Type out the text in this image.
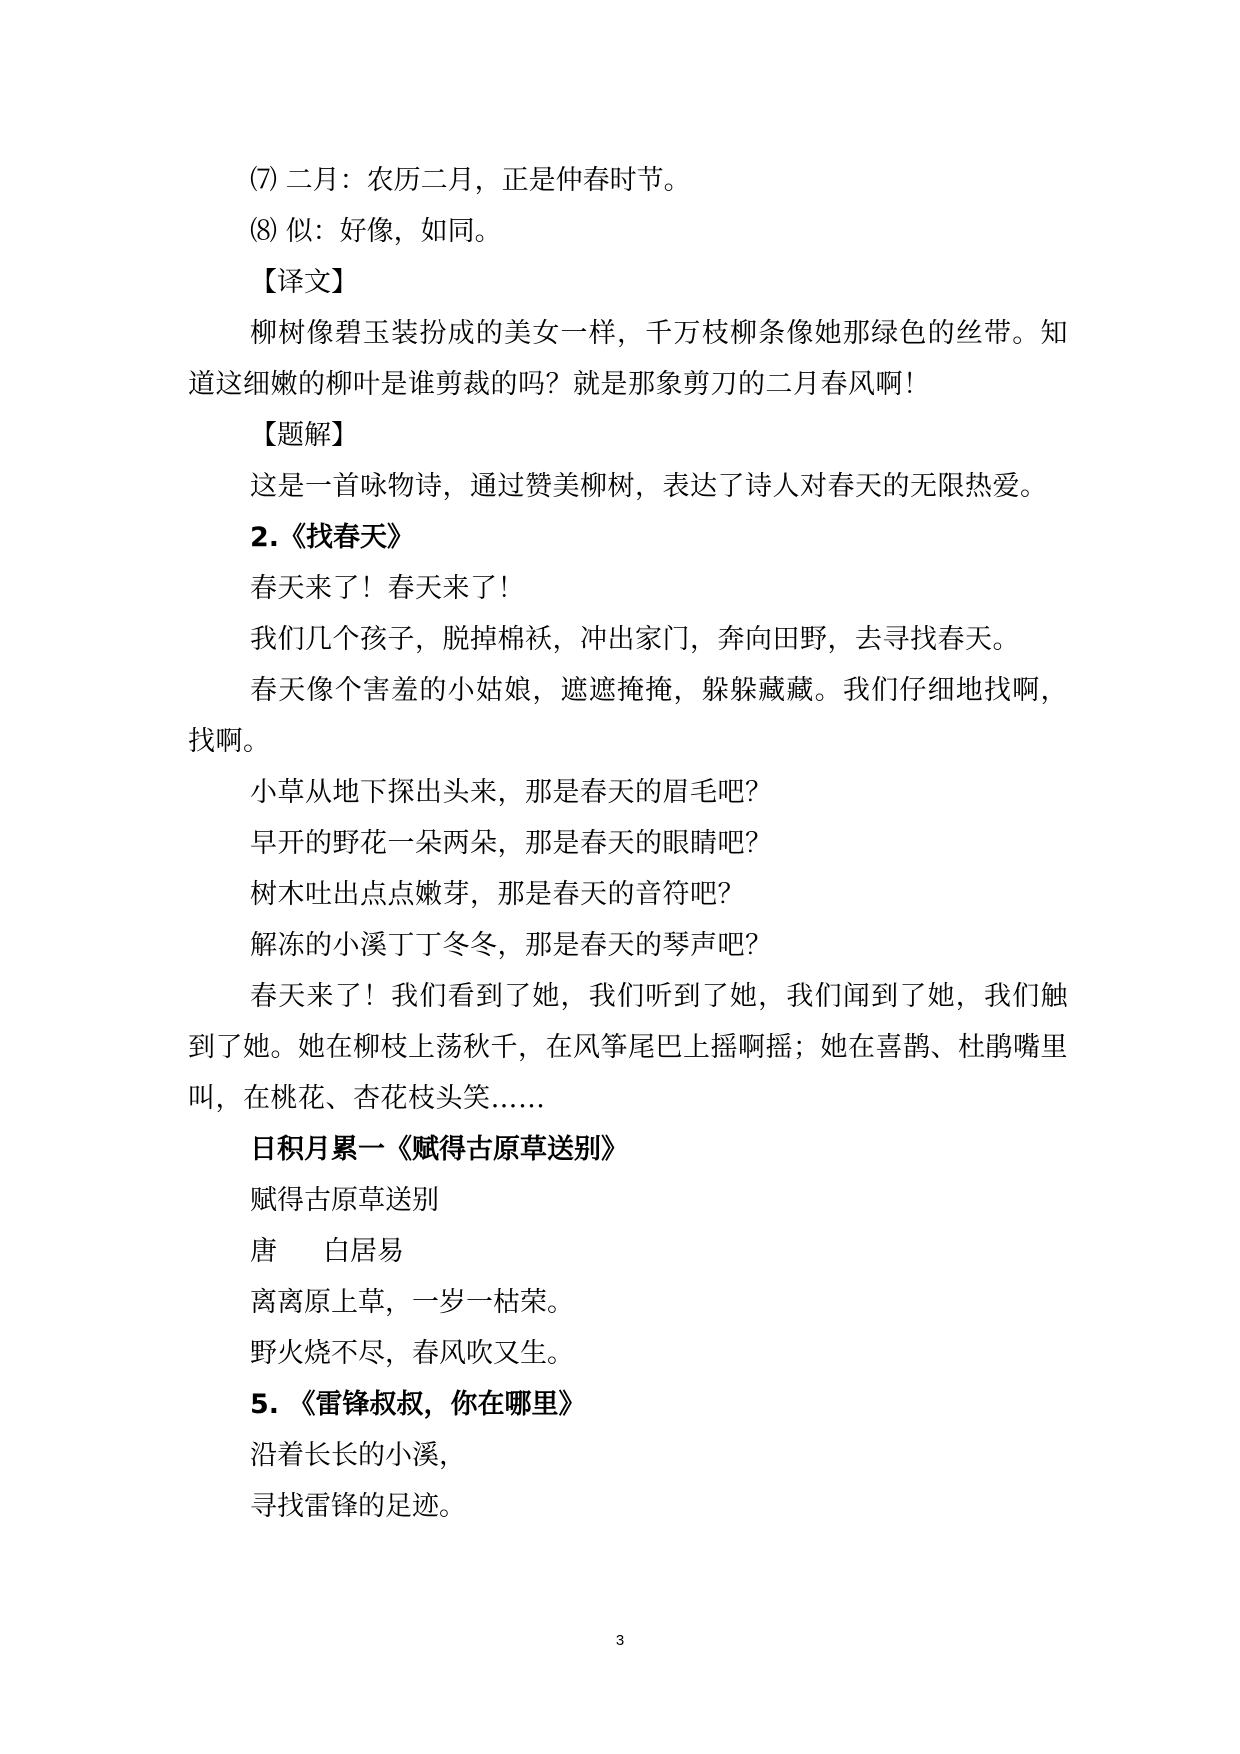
⑺ 二月：农历二月，正是仲春时节。
⑻ 似：好像，如同。
【译文】
柳树像碧玉装扮成的美女一样，千万枝柳条像她那绿色的丝带。知道这细嫩的柳叶是谁剪裁的吗？就是那象剪刀的二月春风啊！
【题解】
这是一首咏物诗，通过赞美柳树，表达了诗人对春天的无限热爱。
2.《找春天》
春天来了！春天来了！
我们几个孩子，脱掉棉袄，冲出家门，奔向田野，去寻找春天。
春天像个害羞的小姑娘，遮遮掩掩，躲躲藏藏。我们仔细地找啊，找啊。
小草从地下探出头来，那是春天的眉毛吧？
早开的野花一朵两朵，那是春天的眼睛吧？
树木吐出点点嫩芽，那是春天的音符吧？
解冻的小溪丁丁冬冬，那是春天的琴声吧？
春天来了！我们看到了她，我们听到了她，我们闻到了她，我们触到了她。她在柳枝上荡秋千，在风筝尾巴上摇啊摇；她在喜鹊、杜鹃嘴里叫，在桃花、杏花枝头笑……
日积月累一《赋得古原草送别》
赋得古原草送别
唐 白居易
离离原上草，一岁一枯荣。
野火烧不尽，春风吹又生。
5. 《雷锋叔叔，你在哪里》
沿着长长的小溪，
寻找雷锋的足迹。
3
